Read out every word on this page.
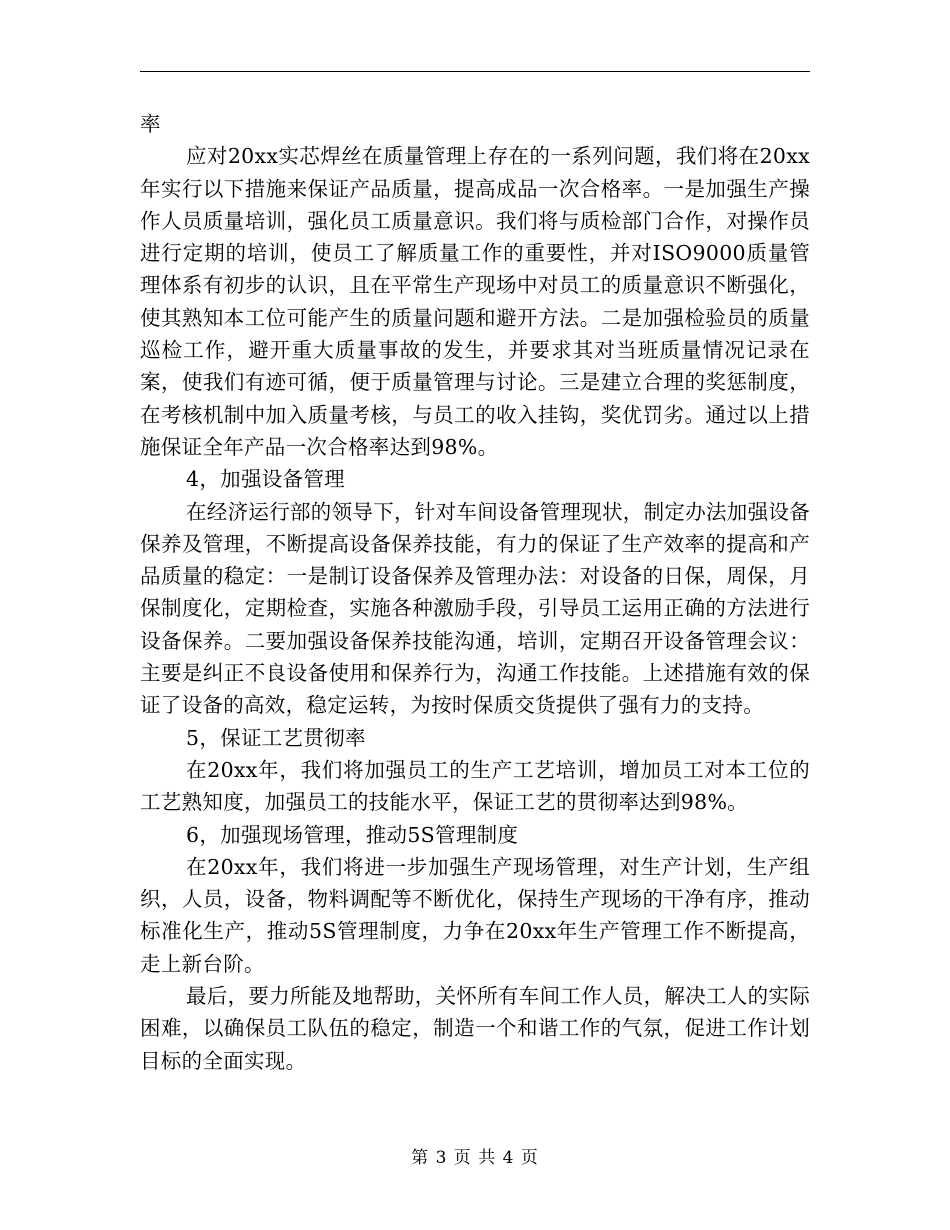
率

应对20xx实芯焊丝在质量管理上存在的一系列问题，我们将在20xx年实行以下措施来保证产品质量，提高成品一次合格率。一是加强生产操作人员质量培训，强化员工质量意识。我们将与质检部门合作，对操作员进行定期的培训，使员工了解质量工作的重要性，并对ISO9000质量管理体系有初步的认识，且在平常生产现场中对员工的质量意识不断强化，使其熟知本工位可能产生的质量问题和避开方法。二是加强检验员的质量巡检工作，避开重大质量事故的发生，并要求其对当班质量情况记录在案，使我们有迹可循，便于质量管理与讨论。三是建立合理的奖惩制度，在考核机制中加入质量考核，与员工的收入挂钩，奖优罚劣。通过以上措施保证全年产品一次合格率达到98%。

4，加强设备管理

在经济运行部的领导下，针对车间设备管理现状，制定办法加强设备保养及管理，不断提高设备保养技能，有力的保证了生产效率的提高和产品质量的稳定：一是制订设备保养及管理办法：对设备的日保，周保，月保制度化，定期检查，实施各种激励手段，引导员工运用正确的方法进行设备保养。二要加强设备保养技能沟通，培训，定期召开设备管理会议：主要是纠正不良设备使用和保养行为，沟通工作技能。上述措施有效的保证了设备的高效，稳定运转，为按时保质交货提供了强有力的支持。

5，保证工艺贯彻率

在20xx年，我们将加强员工的生产工艺培训，增加员工对本工位的工艺熟知度，加强员工的技能水平，保证工艺的贯彻率达到98%。

6，加强现场管理，推动5S管理制度

在20xx年，我们将进一步加强生产现场管理，对生产计划，生产组织，人员，设备，物料调配等不断优化，保持生产现场的干净有序，推动标准化生产，推动5S管理制度，力争在20xx年生产管理工作不断提高，走上新台阶。

最后，要力所能及地帮助，关怀所有车间工作人员，解决工人的实际困难，以确保员工队伍的稳定，制造一个和谐工作的气氛，促进工作计划目标的全面实现。

第 3 页 共 4 页
